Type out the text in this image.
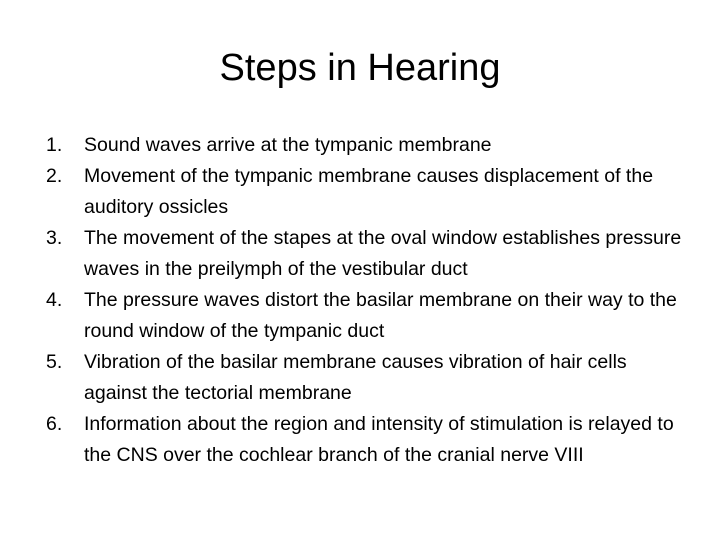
Steps in Hearing
1.	Sound waves arrive at the tympanic membrane
2.	Movement of the tympanic membrane causes displacement of the auditory ossicles
3.	The movement of the stapes at the oval window establishes pressure waves in the preilymph of the vestibular duct
4.	The pressure waves distort the basilar membrane on their way to the round window of the tympanic duct
5.	Vibration of the basilar membrane causes vibration of hair cells against the tectorial membrane
6.	Information about the region and intensity of stimulation is relayed to the CNS over the cochlear branch of the cranial nerve VIII
